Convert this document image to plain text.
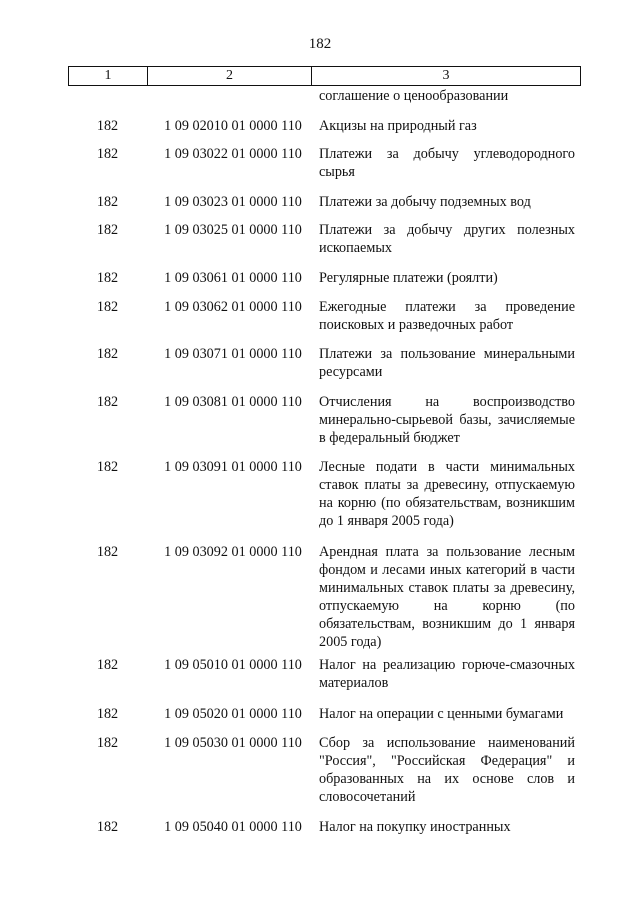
182
1	2	3
соглашение о ценообразовании
182	1 09 02010 01 0000 110	Акцизы на природный газ
182	1 09 03022 01 0000 110	Платежи за добычу углеводородного сырья
182	1 09 03023 01 0000 110	Платежи за добычу подземных вод
182	1 09 03025 01 0000 110	Платежи за добычу других полезных ископаемых
182	1 09 03061 01 0000 110	Регулярные платежи (роялти)
182	1 09 03062 01 0000 110	Ежегодные платежи за проведение поисковых и разведочных работ
182	1 09 03071 01 0000 110	Платежи за пользование минеральными ресурсами
182	1 09 03081 01 0000 110	Отчисления на воспроизводство минерально-сырьевой базы, зачисляемые в федеральный бюджет
182	1 09 03091 01 0000 110	Лесные подати в части минимальных ставок платы за древесину, отпускаемую на корню (по обязательствам, возникшим до 1 января 2005 года)
182	1 09 03092 01 0000 110	Арендная плата за пользование лесным фондом и лесами иных категорий в части минимальных ставок платы за древесину, отпускаемую на корню (по обязательствам, возникшим до 1 января 2005 года)
182	1 09 05010 01 0000 110	Налог на реализацию горюче-смазочных материалов
182	1 09 05020 01 0000 110	Налог на операции с ценными бумагами
182	1 09 05030 01 0000 110	Сбор за использование наименований "Россия", "Российская Федерация" и образованных на их основе слов и словосочетаний
182	1 09 05040 01 0000 110	Налог на покупку иностранных
